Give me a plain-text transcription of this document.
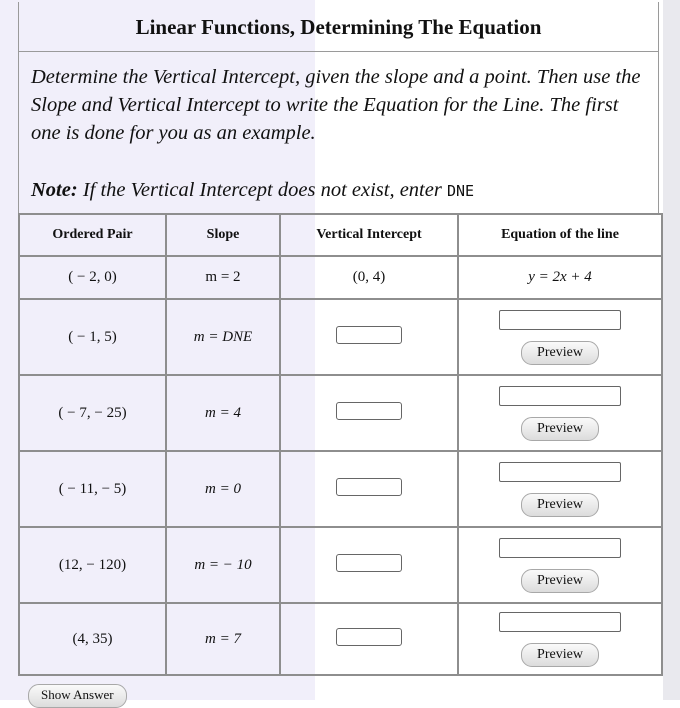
Linear Functions, Determining The Equation

Determine the Vertical Intercept, given the slope and a point. Then use the Slope and Vertical Intercept to write the Equation for the Line. The first one is done for you as an example.

Note: If the Vertical Intercept does not exist, enter DNE

Ordered Pair	Slope	Vertical Intercept	Equation of the line
( − 2, 0)	m = 2	(0, 4)	y = 2x + 4
( − 1, 5)	m = DNE		Preview
( − 7, − 25)	m = 4		Preview
( − 11, − 5)	m = 0		Preview
(12, − 120)	m = − 10		Preview
(4, 35)	m = 7		Preview
Show Answer
